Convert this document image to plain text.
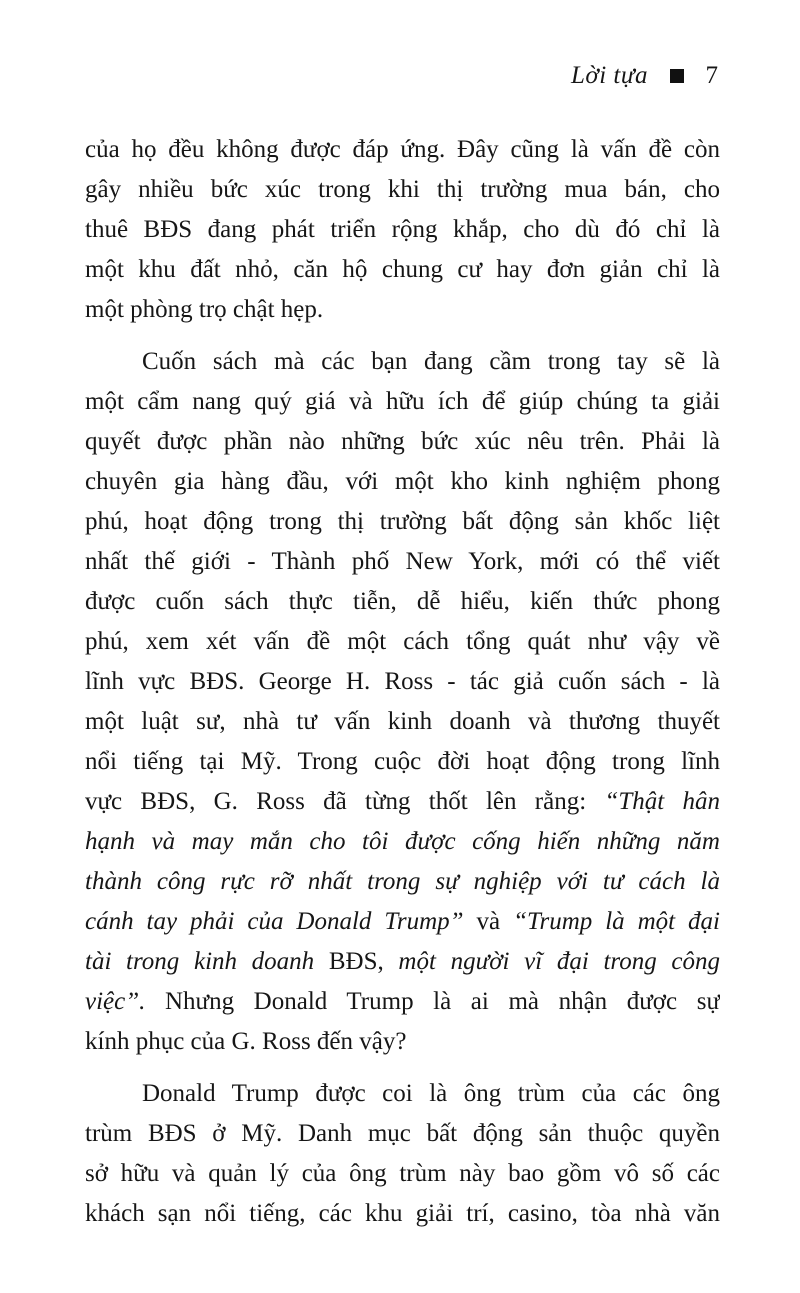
Lời tựa 7
của họ đều không được đáp ứng. Đây cũng là vấn đề còn
gây nhiều bức xúc trong khi thị trường mua bán, cho
thuê BĐS đang phát triển rộng khắp, cho dù đó chỉ là
một khu đất nhỏ, căn hộ chung cư hay đơn giản chỉ là
một phòng trọ chật hẹp.
Cuốn sách mà các bạn đang cầm trong tay sẽ là
một cẩm nang quý giá và hữu ích để giúp chúng ta giải
quyết được phần nào những bức xúc nêu trên. Phải là
chuyên gia hàng đầu, với một kho kinh nghiệm phong
phú, hoạt động trong thị trường bất động sản khốc liệt
nhất thế giới - Thành phố New York, mới có thể viết
được cuốn sách thực tiễn, dễ hiểu, kiến thức phong
phú, xem xét vấn đề một cách tổng quát như vậy về
lĩnh vực BĐS. George H. Ross - tác giả cuốn sách - là
một luật sư, nhà tư vấn kinh doanh và thương thuyết
nổi tiếng tại Mỹ. Trong cuộc đời hoạt động trong lĩnh
vực BĐS, G. Ross đã từng thốt lên rằng: “Thật hân
hạnh và may mắn cho tôi được cống hiến những năm
thành công rực rỡ nhất trong sự nghiệp với tư cách là
cánh tay phải của Donald Trump” và “Trump là một đại
tài trong kinh doanh BĐS, một người vĩ đại trong công
việc”. Nhưng Donald Trump là ai mà nhận được sự
kính phục của G. Ross đến vậy?
Donald Trump được coi là ông trùm của các ông
trùm BĐS ở Mỹ. Danh mục bất động sản thuộc quyền
sở hữu và quản lý của ông trùm này bao gồm vô số các
khách sạn nổi tiếng, các khu giải trí, casino, tòa nhà văn
